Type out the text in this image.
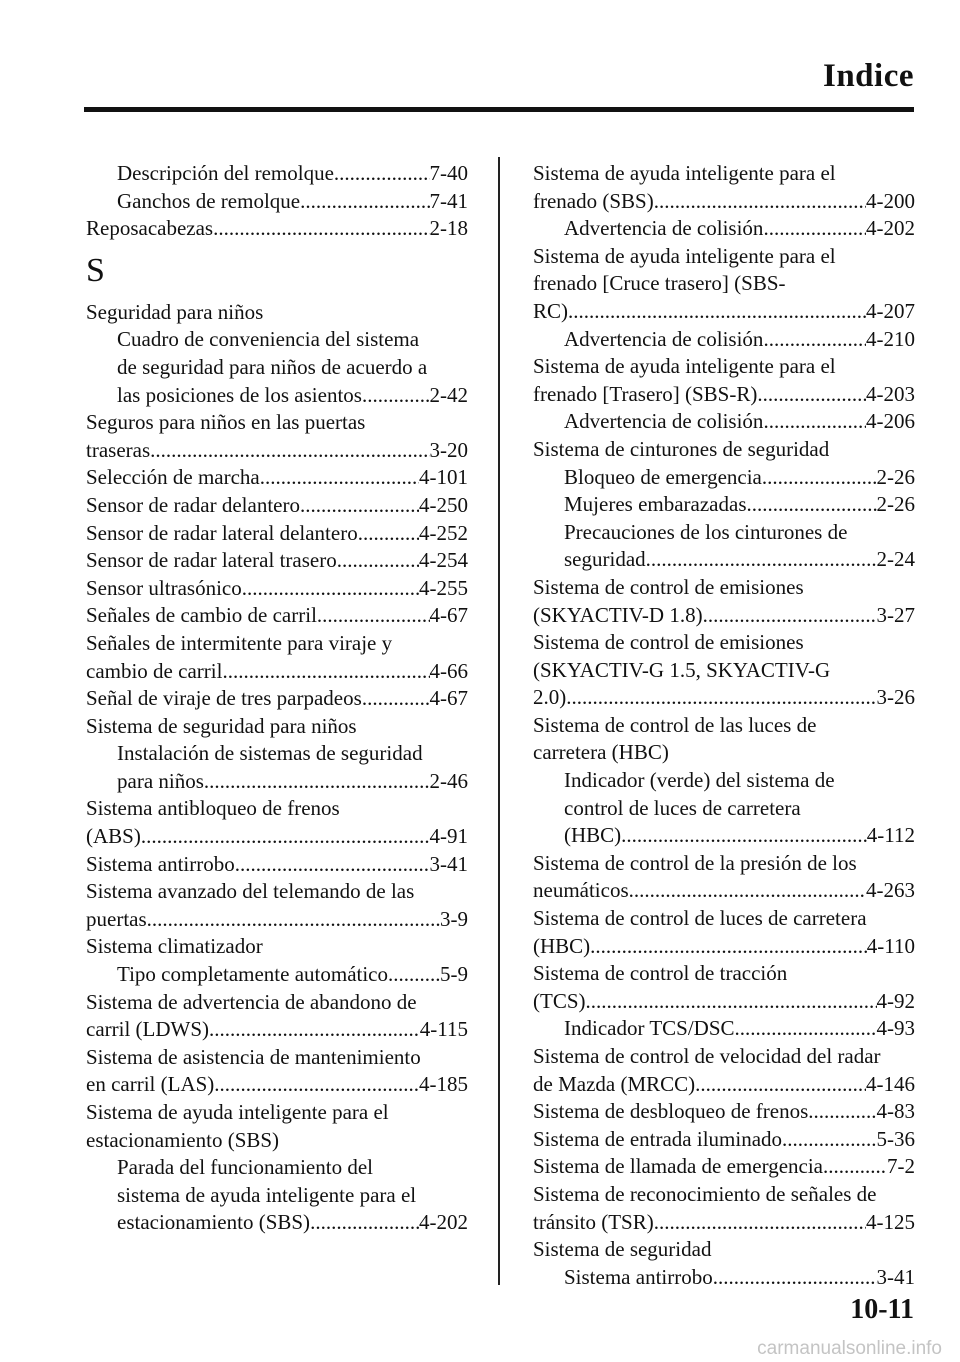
Indice
Descripción del remolque .....	7-40
Ganchos de remolque .....	7-41
Reposacabezas .....	2-18
S
Seguridad para niños
Cuadro de conveniencia del sistema
de seguridad para niños de acuerdo a
las posiciones de los asientos .....	2-42
Seguros para niños en las puertas
traseras .....	3-20
Selección de marcha .....	4-101
Sensor de radar delantero .....	4-250
Sensor de radar lateral delantero .....	4-252
Sensor de radar lateral trasero .....	4-254
Sensor ultrasónico .....	4-255
Señales de cambio de carril .....	4-67
Señales de intermitente para viraje y
cambio de carril .....	4-66
Señal de viraje de tres parpadeos .....	4-67
Sistema de seguridad para niños
Instalación de sistemas de seguridad
para niños .....	2-46
Sistema antibloqueo de frenos
(ABS) .....	4-91
Sistema antirrobo .....	3-41
Sistema avanzado del telemando de las
puertas .....	3-9
Sistema climatizador
Tipo completamente automático ..... 5-9
Sistema de advertencia de abandono de
carril (LDWS) .....	4-115
Sistema de asistencia de mantenimiento
en carril (LAS) .....	4-185
Sistema de ayuda inteligente para el
estacionamiento (SBS)
Parada del funcionamiento del
sistema de ayuda inteligente para el
estacionamiento (SBS) .....	4-202
Sistema de ayuda inteligente para el
frenado (SBS) .....	4-200
Advertencia de colisión .....	4-202
Sistema de ayuda inteligente para el
frenado [Cruce trasero] (SBS-
RC) .....	4-207
Advertencia de colisión .....	4-210
Sistema de ayuda inteligente para el
frenado [Trasero] (SBS-R) .....	4-203
Advertencia de colisión .....	4-206
Sistema de cinturones de seguridad
Bloqueo de emergencia .....	2-26
Mujeres embarazadas .....	2-26
Precauciones de los cinturones de
seguridad .....	2-24
Sistema de control de emisiones
(SKYACTIV-D 1.8) .....	3-27
Sistema de control de emisiones
(SKYACTIV-G 1.5, SKYACTIV-G
2.0) .....	3-26
Sistema de control de las luces de
carretera (HBC)
Indicador (verde) del sistema de
control de luces de carretera
(HBC) .....	4-112
Sistema de control de la presión de los
neumáticos .....	4-263
Sistema de control de luces de carretera
(HBC) .....	4-110
Sistema de control de tracción
(TCS) .....	4-92
Indicador TCS/DSC .....	4-93
Sistema de control de velocidad del radar
de Mazda (MRCC) .....	4-146
Sistema de desbloqueo de frenos .....	4-83
Sistema de entrada iluminado .....	5-36
Sistema de llamada de emergencia .....	7-2
Sistema de reconocimiento de señales de
tránsito (TSR) .....	4-125
Sistema de seguridad
Sistema antirrobo .....	3-41
10-11
carmanualsonline.info
